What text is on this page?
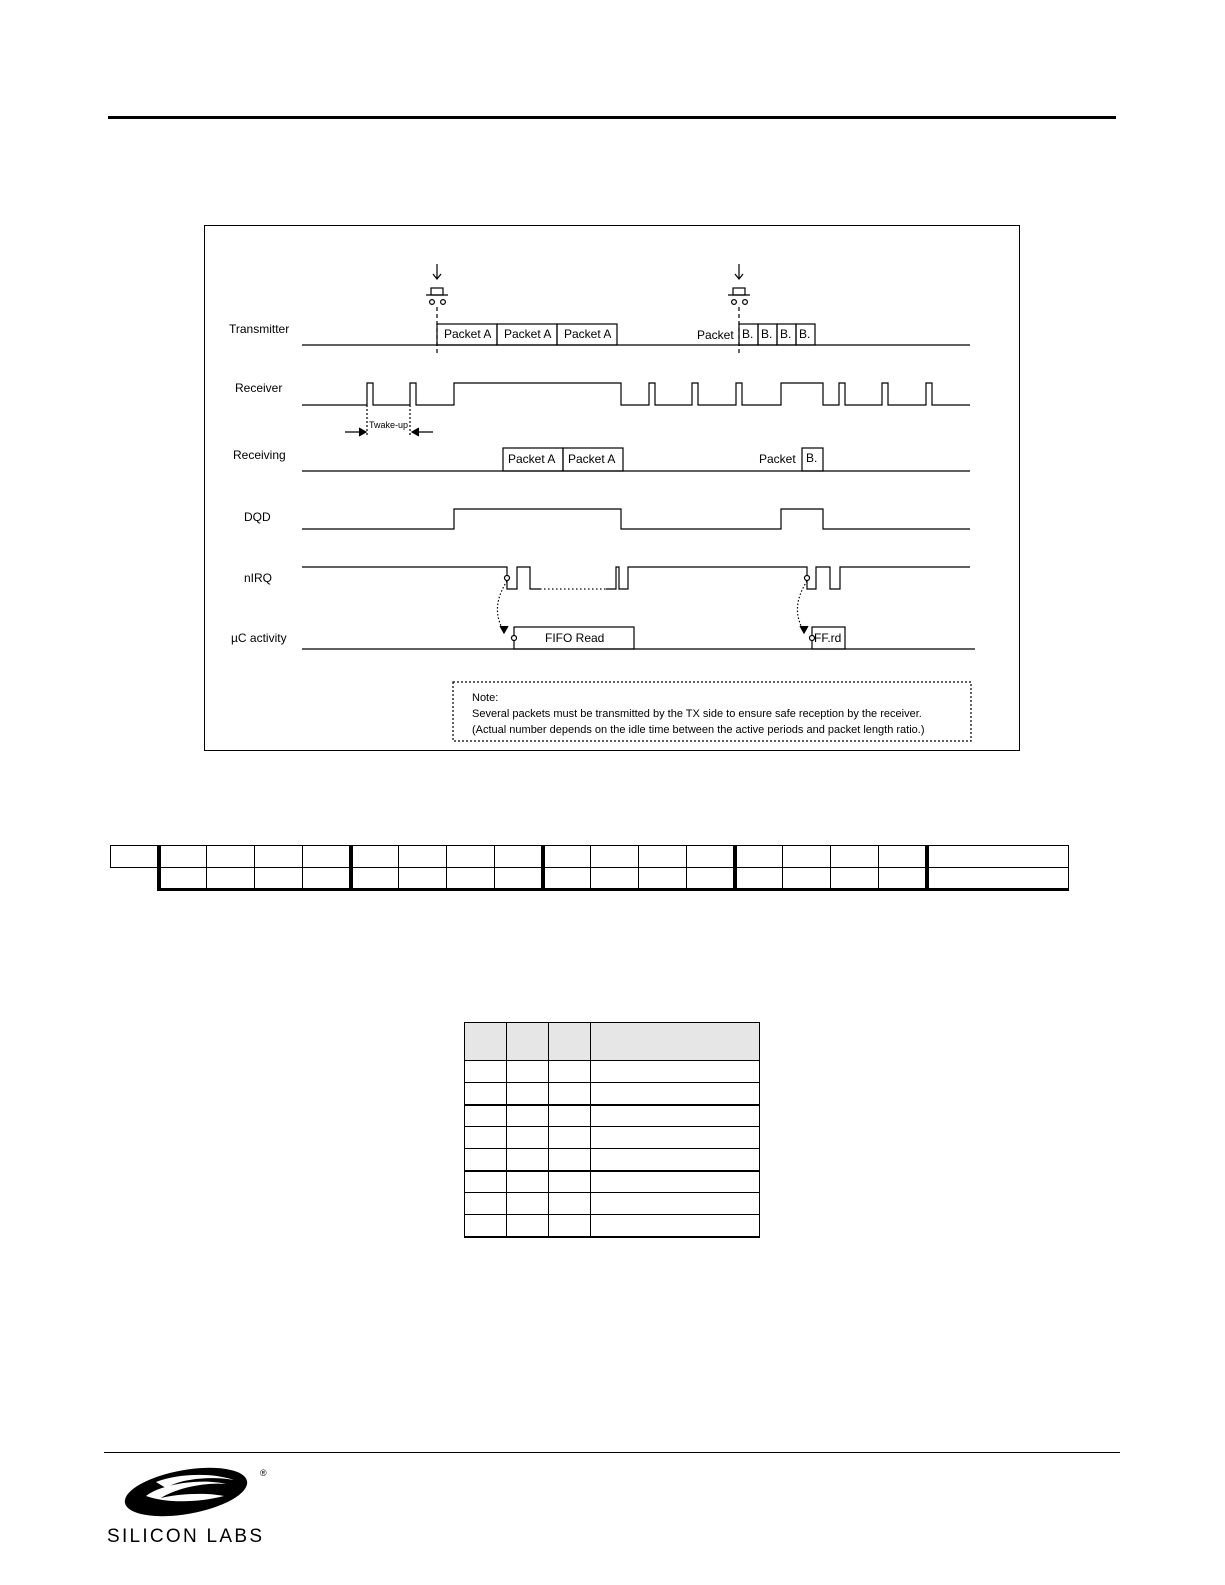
Transmitter
Receiver
Receiving
DQD
nIRQ
µC activity
Packet A Packet A Packet A	Packet B. B. B. B.
Twake-up
Packet A Packet A	Packet B.
FIFO Read	FF.rd
Note:
Several packets must be transmitted by the TX side to ensure safe reception by the receiver.
(Actual number depends on the idle time between the active periods and packet length ratio.)

®
SILICON LABS
